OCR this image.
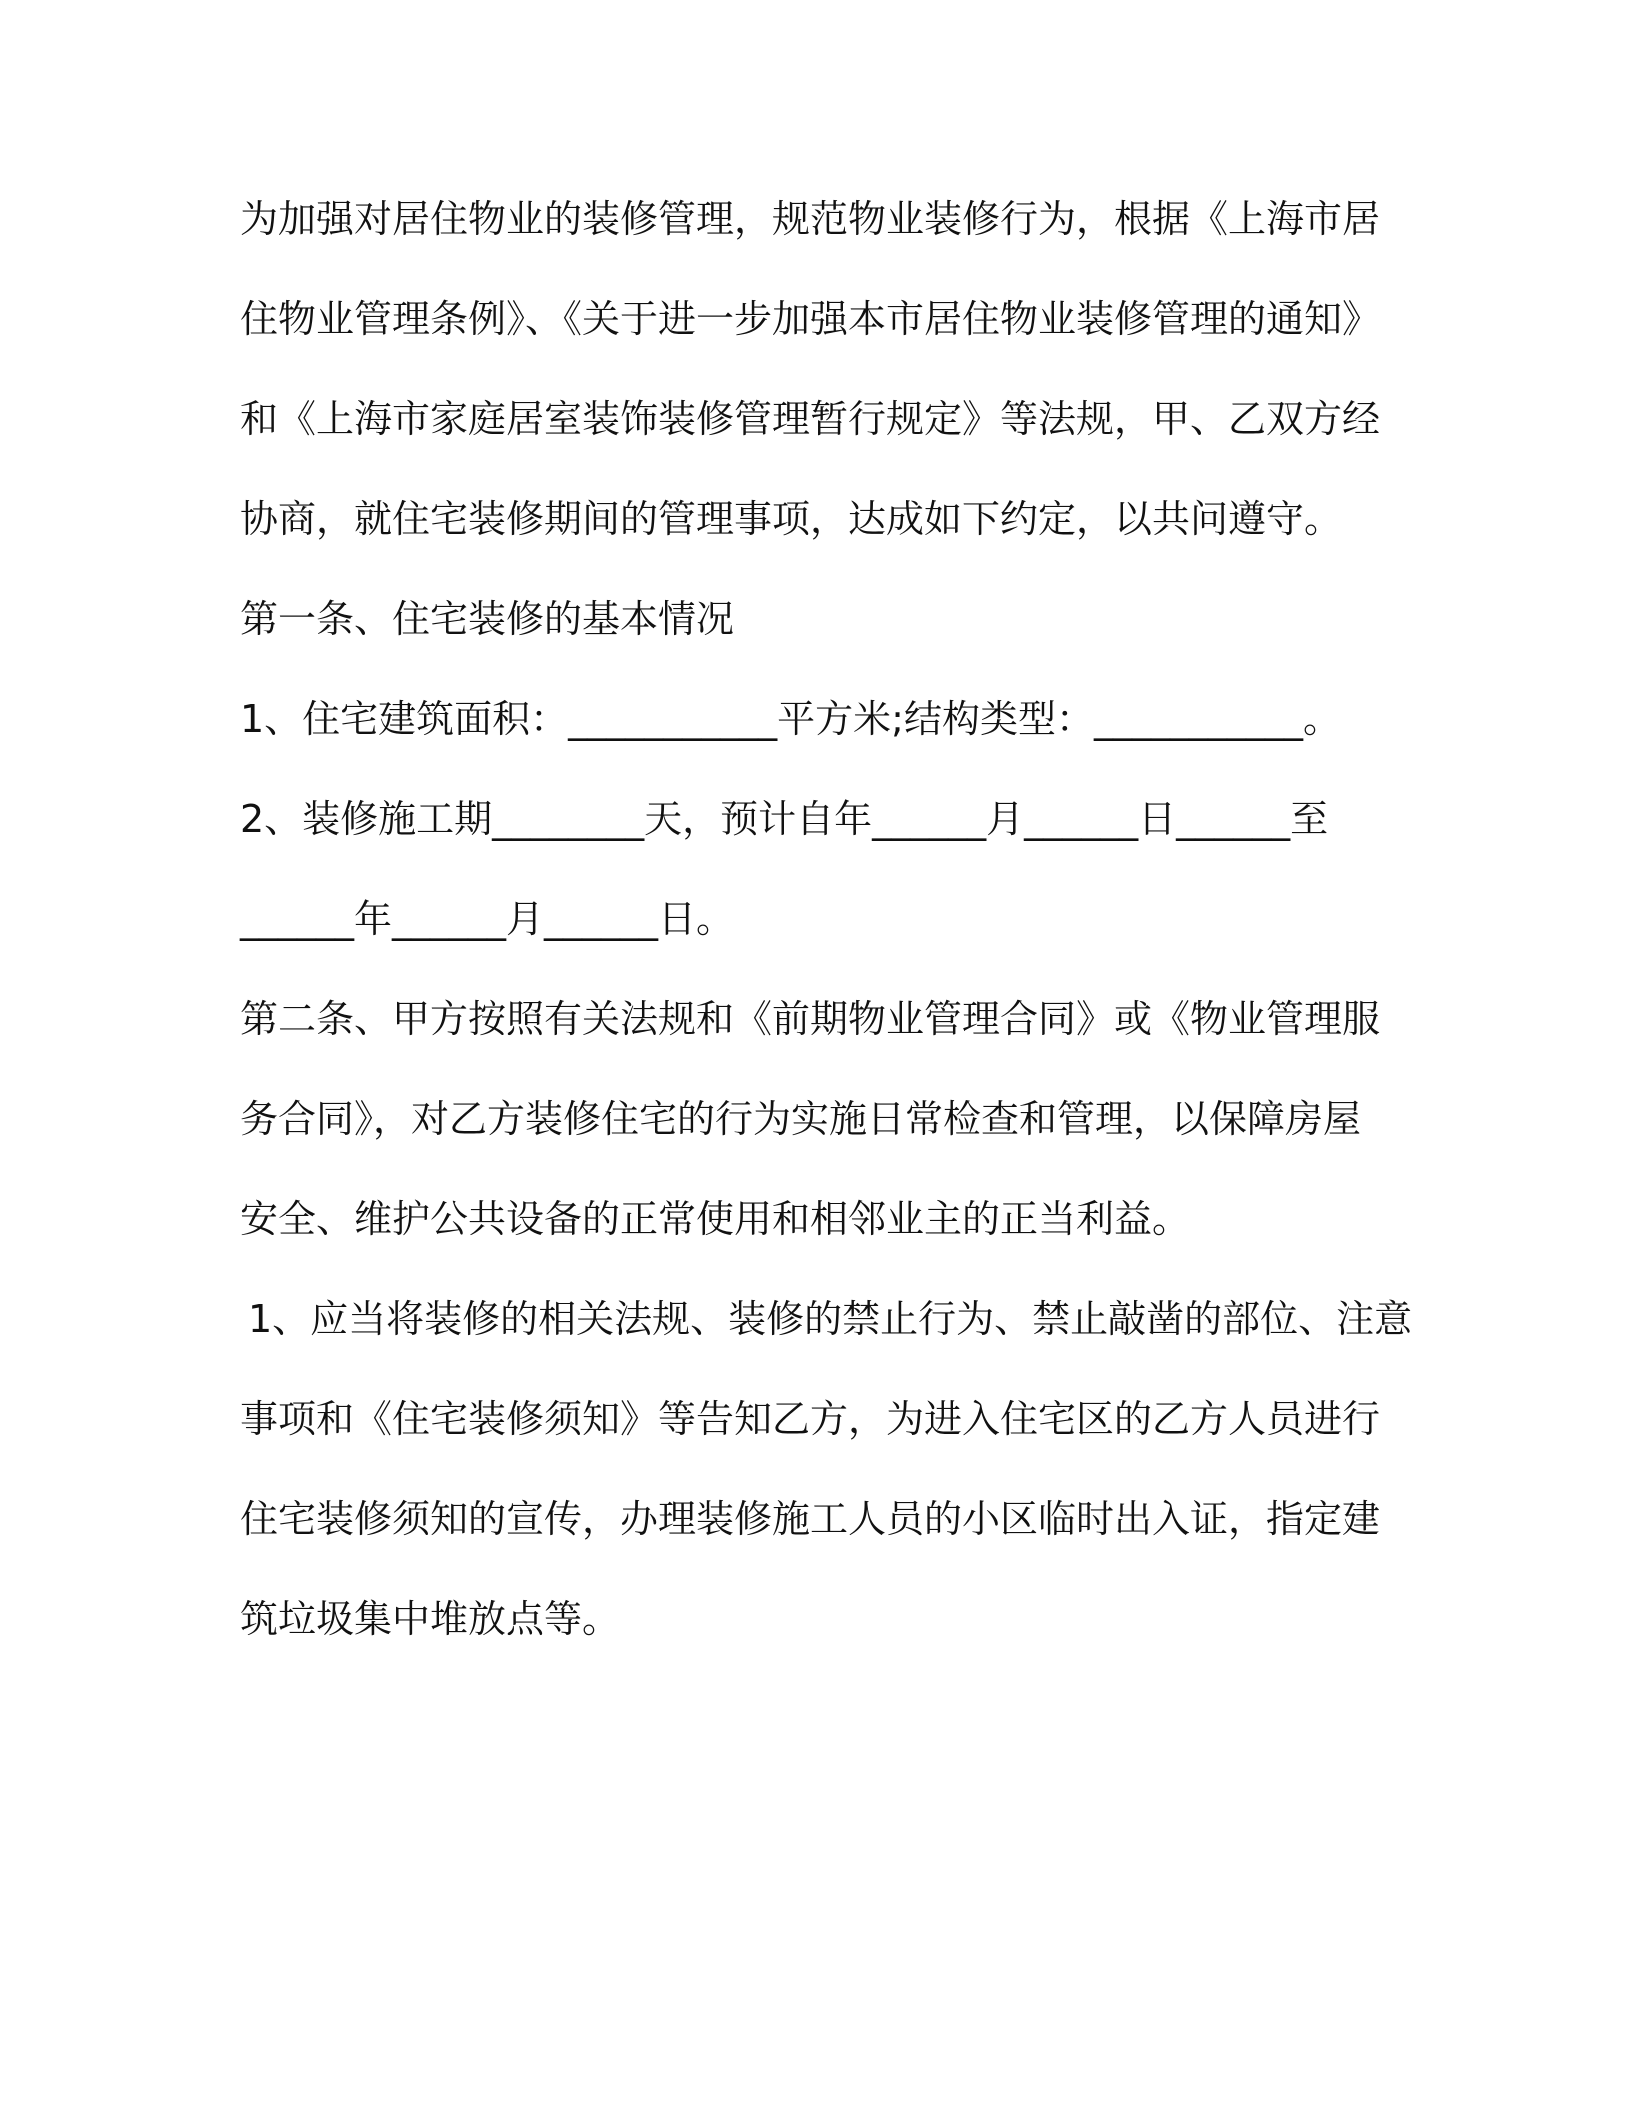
为加强对居住物业的装修管理，规范物业装修行为，根据《上海市居
住物业管理条例》、《关于进一步加强本市居住物业装修管理的通知》
和《上海市家庭居室装饰装修管理暂行规定》等法规，甲、乙双方经
协商，就住宅装修期间的管理事项，达成如下约定，以共问遵守。
第一条、住宅装修的基本情况
1、住宅建筑面积：___________平方米;结构类型：___________。
2、装修施工期________天，预计自年______月______日______至
______年______月______日。
第二条、甲方按照有关法规和《前期物业管理合同》或《物业管理服
务合同》，对乙方装修住宅的行为实施日常检查和管理，以保障房屋
安全、维护公共设备的正常使用和相邻业主的正当利益。
1、应当将装修的相关法规、装修的禁止行为、禁止敲凿的部位、注意
事项和《住宅装修须知》等告知乙方，为进入住宅区的乙方人员进行
住宅装修须知的宣传，办理装修施工人员的小区临时出入证，指定建
筑垃圾集中堆放点等。
